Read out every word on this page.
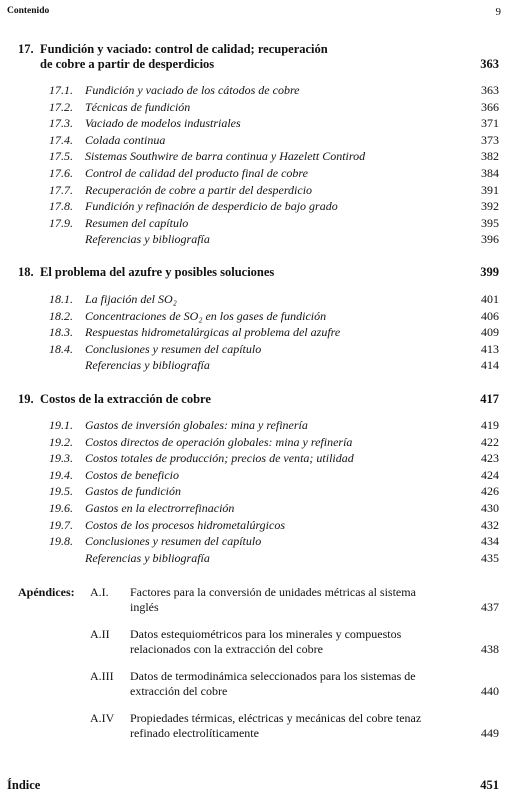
Contenido	9
17. Fundición y vaciado: control de calidad; recuperación
de cobre a partir de desperdicios	363
17.1. Fundición y vaciado de los cátodos de cobre	363
17.2. Técnicas de fundición	366
17.3. Vaciado de modelos industriales	371
17.4. Colada continua	373
17.5. Sistemas Southwire de barra continua y Hazelett Contirod	382
17.6. Control de calidad del producto final de cobre	384
17.7. Recuperación de cobre a partir del desperdicio	391
17.8. Fundición y refinación de desperdicio de bajo grado	392
17.9. Resumen del capítulo	395
Referencias y bibliografía	396
18. El problema del azufre y posibles soluciones	399
18.1. La fijación del SO₂	401
18.2. Concentraciones de SO₂ en los gases de fundición	406
18.3. Respuestas hidrometalúrgicas al problema del azufre	409
18.4. Conclusiones y resumen del capítulo	413
Referencias y bibliografía	414
19. Costos de la extracción de cobre	417
19.1. Gastos de inversión globales: mina y refinería	419
19.2. Costos directos de operación globales: mina y refinería	422
19.3. Costos totales de producción; precios de venta; utilidad	423
19.4. Costos de beneficio	424
19.5. Gastos de fundición	426
19.6. Gastos en la electrorrefinación	430
19.7. Costos de los procesos hidrometalúrgicos	432
19.8. Conclusiones y resumen del capítulo	434
Referencias y bibliografía	435
Apéndices: A.I. Factores para la conversión de unidades métricas al sistema inglés	437
A.II Datos estequiométricos para los minerales y compuestos relacionados con la extracción del cobre	438
A.III Datos de termodinámica seleccionados para los sistemas de extracción del cobre	440
A.IV Propiedades térmicas, eléctricas y mecánicas del cobre tenaz refinado electrolíticamente	449
Índice	451
